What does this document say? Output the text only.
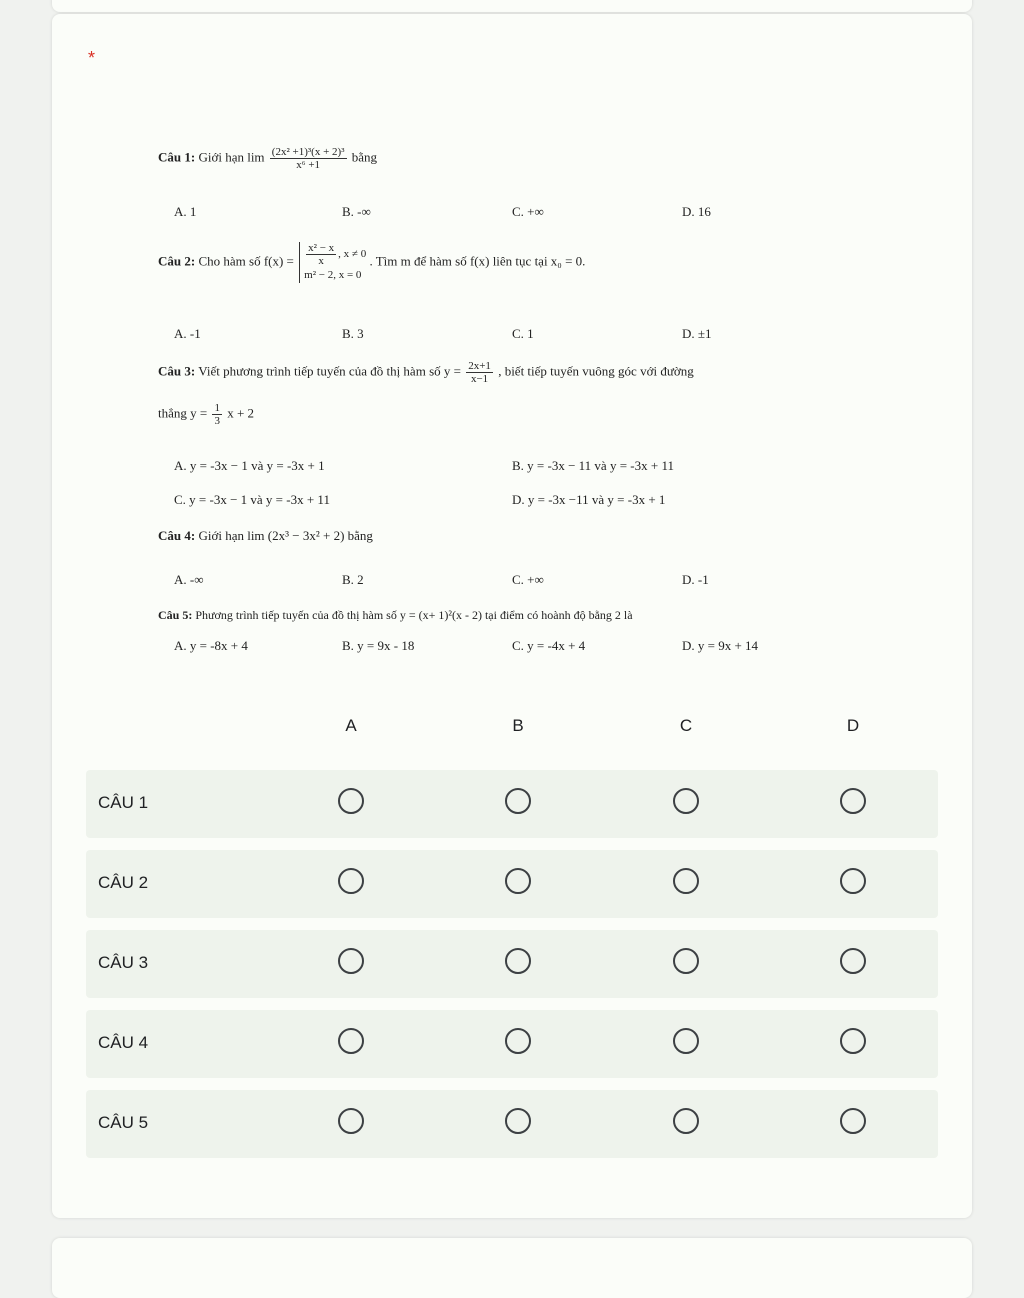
*
Câu 1: Giới hạn $\lim \frac{\text{(2x² +1)³(x + 2)³}}{\text{x⁶ +1}}$ bằng
A. 1	B. -∞	C. +∞	D. 16
Câu 2: Cho hàm số $f(x) = \frac{\text{x² − x}}{x}$ , x ≠ 0
m² − 2, x = 0 . Tìm m để hàm số f(x) liên tục tại x₀ = 0.
A. -1	B. 3	C. 1	D. ±1
Câu 3: Viết phương trình tiếp tuyến của đồ thị hàm số $y = \frac{2x+1}{x-1}$ , biết tiếp tuyến vuông góc với đường
thẳng $y = \frac{1}{3}$ x + 2
A. y = -3x − 1 và y = -3x + 1	B. y = -3x − 11 và y = -3x + 11
C. y = -3x − 1 và y = -3x + 11	D. y = -3x −11 và y = -3x + 1
Câu 4: Giới hạn lim (2x³ − 3x² + 2) bằng
A. -∞	B. 2	C. +∞	D. -1
Câu 5: Phương trình tiếp tuyến của đồ thị hàm số y = (x+ 1)²(x - 2) tại điểm có hoành độ bằng 2 là
A. y = -8x + 4	B. y = 9x - 18	C. y = -4x + 4	D. y = 9x + 14
A	B	C	D
CÂU 1
CÂU 2
CÂU 3
CÂU 4
CÂU 5
